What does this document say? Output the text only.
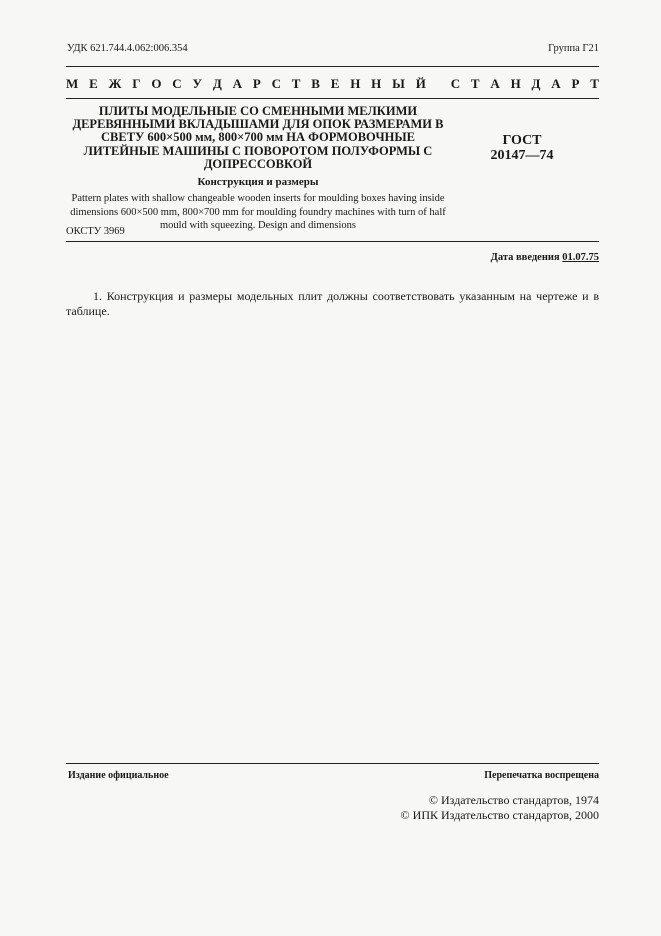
УДК 621.744.4.062:006.354	Группа Г21
М Е Ж Г О С У Д А Р С Т В Е Н Н Ы Й
С Т А Н Д А Р Т

ПЛИТЫ МОДЕЛЬНЫЕ СО СМЕННЫМИ МЕЛКИМИ ДЕРЕВЯННЫМИ ВКЛАДЫШАМИ ДЛЯ ОПОК РАЗМЕРАМИ В СВЕТУ 600×500 мм, 800×700 мм НА ФОРМОВОЧНЫЕ ЛИТЕЙНЫЕ МАШИНЫ С ПОВОРОТОМ ПОЛУФОРМЫ С ДОПРЕССОВКОЙ

Конструкция и размеры
Pattern plates with shallow changeable wooden inserts for moulding boxes having inside dimensions 600×500 mm, 800×700 mm for moulding foundry machines with turn of half mould with squeezing. Design and dimensions
ГОСТ
20147—74
ОКСТУ 3969
Дата введения 01.07.75
1. Конструкция и размеры модельных плит должны соответствовать указанным на чертеже и в таблице.
Издание официальное	Перепечатка воспрещена
© Издательство стандартов, 1974
© ИПК Издательство стандартов, 2000
